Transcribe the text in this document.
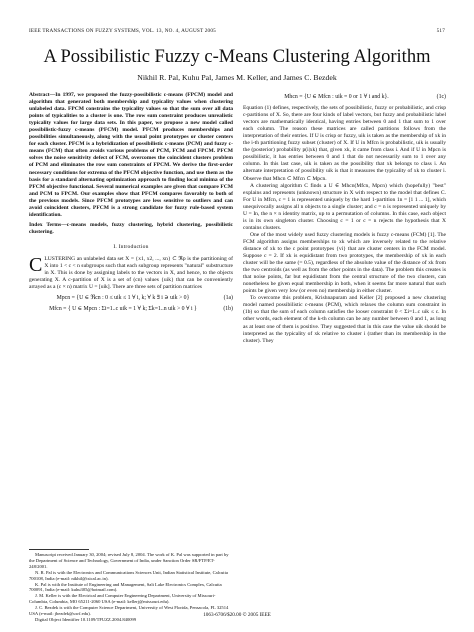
IEEE TRANSACTIONS ON FUZZY SYSTEMS, VOL. 13, NO. 4, AUGUST 2005	517
A Possibilistic Fuzzy c-Means Clustering Algorithm
Nikhil R. Pal, Kuhu Pal, James M. Keller, and James C. Bezdek

Abstract—In 1997, we proposed the fuzzy-possibilistic c-means (FPCM) model and algorithm that generated both membership and typicality values when clustering unlabeled data. FPCM constrains the typicality values so that the sum over all data points of typicalities to a cluster is one. The row sum constraint produces unrealistic typicality values for large data sets. In this paper, we propose a new model called possibilistic-fuzzy c-means (PFCM) model. PFCM produces memberships and possibilities simultaneously, along with the usual point prototypes or cluster centers for each cluster. PFCM is a hybridization of possibilistic c-means (PCM) and fuzzy c-means (FCM) that often avoids various problems of PCM, FCM and FPCM. PFCM solves the noise sensitivity defect of FCM, overcomes the coincident clusters problem of PCM and eliminates the row sum constraints of FPCM. We derive the first-order necessary conditions for extrema of the PFCM objective function, and use them as the basis for a standard alternating optimization approach to finding local minima of the PFCM objective functional. Several numerical examples are given that compare FCM and PCM to FPCM. Our examples show that PFCM compares favorably to both of the previous models. Since PFCM prototypes are less sensitive to outliers and can avoid coincident clusters, PFCM is a strong candidate for fuzzy rule-based system identification.

Index Terms—c-means models, fuzzy clustering, hybrid clustering, possibilistic clustering.

I. Introduction

CLUSTERING an unlabeled data set X = {x1, x2, ..., xn} ⊂ ℜp is the partitioning of X into 1 < c < n subgroups such that each subgroup represents "natural" substructure in X. This is done by assigning labels to the vectors in X, and hence, to the objects generating X. A c-partition of X is a set of (cn) values {uik} that can be conveniently arrayed as a (c × n) matrix U = [uik]. There are three sets of partition matrices

Mpcn = {U ∈ ℜcn : 0 ≤ uik ≤ 1 ∀ i, k; ∀ k ∃ i ∋ uik > 0}	(1a)
Mfcn = { U ∈ Mpcn : Σi=1..c uik = 1 ∀ k; Σk=1..n uik > 0 ∀ i }	(1b)

Manuscript received January 30, 2004; revised July 8, 2004. The work of K. Pal was supported in part by the Department of Science and Technology, Government of India, under Sanction Order SR/FTP/ET-248/2001.

N. R. Pal is with the Electronics and Communications Sciences Unit, Indian Statistical Institute, Calcutta 700108, India (e-mail: nikhil@isical.ac.in).

K. Pal is with the Institute of Engineering and Management, Salt Lake Electronics Complex, Calcutta 700091, India (e-mail: kuhu305@hotmail.com).

J. M. Keller is with the Electrical and Computer Engineering Department, University of Missouri-Columbia, Columbia, MO 65211-2060 USA (e-mail: kellerj@missouri.edu).

J. C. Bezdek is with the Computer Science Department, University of West Florida, Pensacola, FL 32514 USA (e-mail: jbezdek@uwf.edu).

Digital Object Identifier 10.1109/TFUZZ.2004.840099

Mhcn = {U ∈ Mfcn : uik = 0 or 1 ∀ i and k}.	(1c)

Equation (1) defines, respectively, the sets of possibilistic, fuzzy or probabilistic, and crisp c-partitions of X. So, there are four kinds of label vectors, but fuzzy and probabilistic label vectors are mathematically identical, having entries between 0 and 1 that sum to 1 over each column. The reason these matrices are called partitions follows from the interpretation of their entries. If U is crisp or fuzzy, uik is taken as the membership of xk in the i-th partitioning fuzzy subset (cluster) of X. If U in Mfcn is probabilistic, uik is usually the (posterior) probability p(i|xk) that, given xk, it came from class i. And if U in Mpcn is possibilistic, it has entries between 0 and 1 that do not necessarily sum to 1 over any column. In this last case, uik is taken as the possibility that xk belongs to class i. An alternate interpretation of possibility uik is that it measures the typicality of xk to cluster i. Observe that Mhcn ⊂ Mfcn ⊂ Mpcn.

A clustering algorithm C finds a U ∈ Mhcn(Mfcn, Mpcn) which (hopefully) "best" explains and represents (unknown) structure in X with respect to the model that defines C. For U in Mfcn, c = 1 is represented uniquely by the hard 1-partition 1n = [1 1 ... 1], which unequivocally assigns all n objects to a single cluster; and c = n is represented uniquely by U = In, the n × n identity matrix, up to a permutation of columns. In this case, each object is in its own singleton cluster. Choosing c = 1 or c = n rejects the hypothesis that X contains clusters.

One of the most widely used fuzzy clustering models is fuzzy c-means (FCM) [1]. The FCM algorithm assigns memberships to xk which are inversely related to the relative distance of xk to the c point prototypes {vi} that are cluster centers in the FCM model. Suppose c = 2. If xk is equidistant from two prototypes, the membership of xk in each cluster will be the same (= 0.5), regardless of the absolute value of the distance of xk from the two centroids (as well as from the other points in the data). The problem this creates is that noise points, far but equidistant from the central structure of the two clusters, can nonetheless be given equal membership in both, when it seems far more natural that such points be given very low (or even no) membership in either cluster.

To overcome this problem, Krishnapuram and Keller [2] proposed a new clustering model named possibilistic c-means (PCM), which relaxes the column sum constraint in (1b) so that the sum of each column satisfies the looser constraint 0 < Σi=1..c uik ≤ c. In other words, each element of the k-th column can be any number between 0 and 1, as long as at least one of them is positive. They suggested that in this case the value uik should be interpreted as the typicality of xk relative to cluster i (rather than its membership in the cluster). They

1063-6706/$20.00 © 2005 IEEE
